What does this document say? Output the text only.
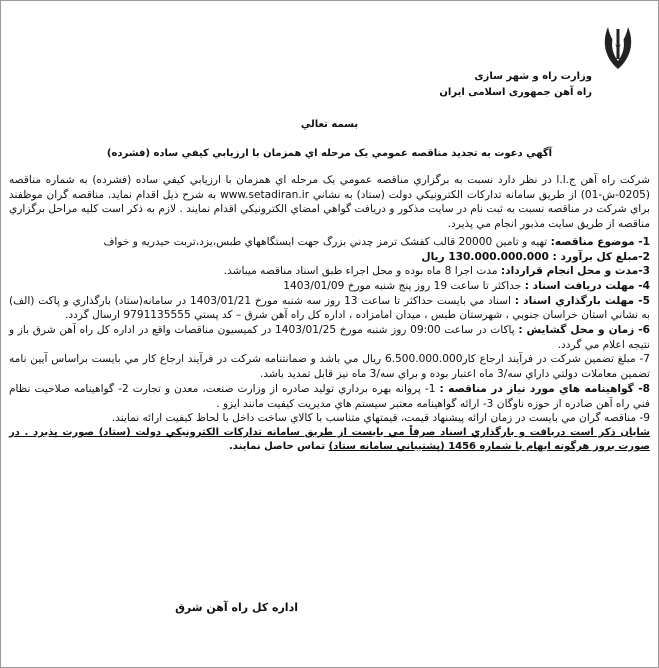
وزارت راه و شهر سازی
راه آهن جمهوری اسلامی ایران
بسمه تعالي
آگهي دعوت به تجديد مناقصه عمومي يک مرحله اي همزمان با ارزيابي کيفي ساده (فشرده)

شرکت راه آهن ج.ا.ا در نظر دارد نسبت به برگزاري مناقصه عمومي يک مرحله اي همزمان با ارزيابي کيفي ساده (فشرده) به شماره مناقصه (0205-ش-01) از طريق سامانه تدارکات الکترونيکي دولت (ستاد) به نشاني www.setadiran.ir به شرح ذيل اقدام نمايد. مناقصه گران موظفند براي شرکت در مناقصه نسبت به ثبت نام در سايت مذکور و دريافت گواهي امضاي الکترونيکي اقدام نمايند . لازم به ذکر است کليه مراحل برگزاري مناقصه از طريق سايت مذبور انجام مي پذيرد.

1- موضوع مناقصه: تهيه و تامين 20000 قالب کفشک ترمز چدني بزرگ جهت ايستگاههاي طبس،يزد،تربت حيدريه و خواف

2-مبلغ کل برآورد : 130.000.000.000 ريال

3-مدت و محل انجام قرارداد: مدت اجرا 8 ماه بوده و محل اجراء طبق اسناد مناقصه ميباشد.

4- مهلت دريافت اسناد : حداکثر تا ساعت 19 روز پنج شنبه مورخ 1403/01/09

5- مهلت بارگذاري اسناد : اسناد مي بايست حداکثر تا ساعت 13 روز سه شنبه مورخ 1403/01/21 در سامانه(ستاد) بارگذاري و پاکت (الف) به نشاني استان خراسان جنوبي ، شهرستان طبس ، ميدان امامزاده ، اداره کل راه آهن شرق – کد پستي 9791135555 ارسال گردد.

6- زمان و محل گشايش : پاکات در ساعت 09:00 روز شنبه مورخ 1403/01/25 در کميسيون مناقصات واقع در اداره کل راه آهن شرق باز و نتيجه اعلام مي گردد.

7- مبلغ تضمين شرکت در فرآيند ارجاع کار6.500.000.000 ريال مي باشد و ضمانتنامه شرکت در فرآيند ارجاع کار مي بايست براساس آيين نامه تضمين معاملات دولتي داراي سه/3 ماه اعتبار بوده و براي سه/3 ماه نيز قابل تمديد باشد.

8- گواهينامه هاي مورد نياز در مناقصه : 1- پروانه بهره برداري توليد صادره از وزارت صنعت، معدن و تجارت 2- گواهينامه صلاحيت نظام فني راه آهن صادره از حوزه ناوگان 3- ارائه گواهينامه معتبر سيستم هاي مديريت کيفيت مانند ايزو .

9- مناقصه گران مي بايست در زمان ارائه پيشنهاد قيمت، قيمتهاي متناسب با کالاي ساخت داخل با لحاظ کيفيت ارائه نمايند.

شايان ذکر است دريافت و بارگذاري اسناد صرفاً مي بايست از طريق سامانه تدارکات الکترونيکي دولت (ستاد) صورت پذيرد . در صورت بروز هرگونه ابهام با شماره 1456 (پشتيباني سامانه ستاد) تماس حاصل نمايند.

اداره کل راه آهن شرق
